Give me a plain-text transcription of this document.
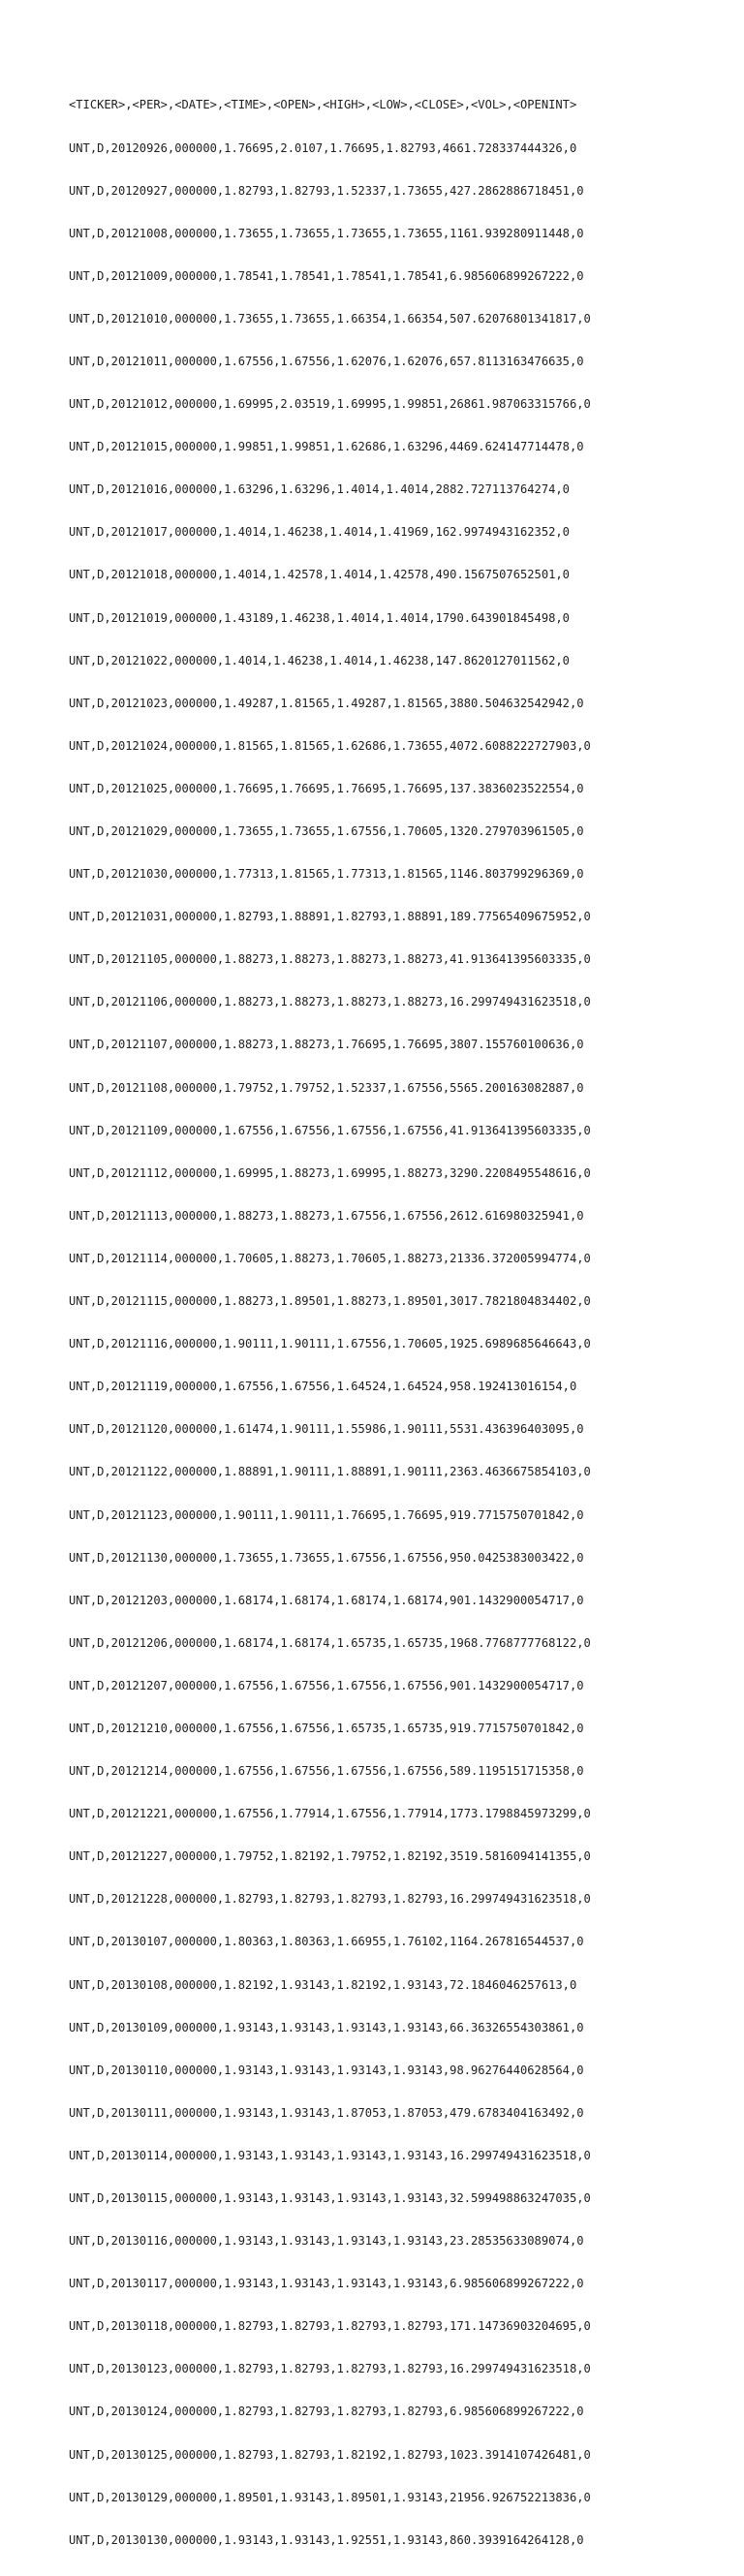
<TICKER>,<PER>,<DATE>,<TIME>,<OPEN>,<HIGH>,<LOW>,<CLOSE>,<VOL>,<OPENINT>

UNT,D,20120926,000000,1.76695,2.0107,1.76695,1.82793,4661.728337444326,0

UNT,D,20120927,000000,1.82793,1.82793,1.52337,1.73655,427.2862886718451,0

UNT,D,20121008,000000,1.73655,1.73655,1.73655,1.73655,1161.939280911448,0

UNT,D,20121009,000000,1.78541,1.78541,1.78541,1.78541,6.985606899267222,0

UNT,D,20121010,000000,1.73655,1.73655,1.66354,1.66354,507.62076801341817,0

UNT,D,20121011,000000,1.67556,1.67556,1.62076,1.62076,657.8113163476635,0

UNT,D,20121012,000000,1.69995,2.03519,1.69995,1.99851,26861.987063315766,0

UNT,D,20121015,000000,1.99851,1.99851,1.62686,1.63296,4469.624147714478,0

UNT,D,20121016,000000,1.63296,1.63296,1.4014,1.4014,2882.727113764274,0

UNT,D,20121017,000000,1.4014,1.46238,1.4014,1.41969,162.9974943162352,0

UNT,D,20121018,000000,1.4014,1.42578,1.4014,1.42578,490.1567507652501,0

UNT,D,20121019,000000,1.43189,1.46238,1.4014,1.4014,1790.643901845498,0

UNT,D,20121022,000000,1.4014,1.46238,1.4014,1.46238,147.8620127011562,0

UNT,D,20121023,000000,1.49287,1.81565,1.49287,1.81565,3880.504632542942,0

UNT,D,20121024,000000,1.81565,1.81565,1.62686,1.73655,4072.6088222727903,0

UNT,D,20121025,000000,1.76695,1.76695,1.76695,1.76695,137.3836023522554,0

UNT,D,20121029,000000,1.73655,1.73655,1.67556,1.70605,1320.279703961505,0

UNT,D,20121030,000000,1.77313,1.81565,1.77313,1.81565,1146.803799296369,0

UNT,D,20121031,000000,1.82793,1.88891,1.82793,1.88891,189.77565409675952,0

UNT,D,20121105,000000,1.88273,1.88273,1.88273,1.88273,41.913641395603335,0

UNT,D,20121106,000000,1.88273,1.88273,1.88273,1.88273,16.299749431623518,0

UNT,D,20121107,000000,1.88273,1.88273,1.76695,1.76695,3807.155760100636,0

UNT,D,20121108,000000,1.79752,1.79752,1.52337,1.67556,5565.200163082887,0

UNT,D,20121109,000000,1.67556,1.67556,1.67556,1.67556,41.913641395603335,0

UNT,D,20121112,000000,1.69995,1.88273,1.69995,1.88273,3290.2208495548616,0

UNT,D,20121113,000000,1.88273,1.88273,1.67556,1.67556,2612.616980325941,0

UNT,D,20121114,000000,1.70605,1.88273,1.70605,1.88273,21336.372005994774,0

UNT,D,20121115,000000,1.88273,1.89501,1.88273,1.89501,3017.7821804834402,0

UNT,D,20121116,000000,1.90111,1.90111,1.67556,1.70605,1925.6989685646643,0

UNT,D,20121119,000000,1.67556,1.67556,1.64524,1.64524,958.192413016154,0

UNT,D,20121120,000000,1.61474,1.90111,1.55986,1.90111,5531.436396403095,0

UNT,D,20121122,000000,1.88891,1.90111,1.88891,1.90111,2363.4636675854103,0

UNT,D,20121123,000000,1.90111,1.90111,1.76695,1.76695,919.7715750701842,0

UNT,D,20121130,000000,1.73655,1.73655,1.67556,1.67556,950.0425383003422,0

UNT,D,20121203,000000,1.68174,1.68174,1.68174,1.68174,901.1432900054717,0

UNT,D,20121206,000000,1.68174,1.68174,1.65735,1.65735,1968.7768777768122,0

UNT,D,20121207,000000,1.67556,1.67556,1.67556,1.67556,901.1432900054717,0

UNT,D,20121210,000000,1.67556,1.67556,1.65735,1.65735,919.7715750701842,0

UNT,D,20121214,000000,1.67556,1.67556,1.67556,1.67556,589.1195151715358,0

UNT,D,20121221,000000,1.67556,1.77914,1.67556,1.77914,1773.1798845973299,0

UNT,D,20121227,000000,1.79752,1.82192,1.79752,1.82192,3519.5816094141355,0

UNT,D,20121228,000000,1.82793,1.82793,1.82793,1.82793,16.299749431623518,0

UNT,D,20130107,000000,1.80363,1.80363,1.66955,1.76102,1164.267816544537,0

UNT,D,20130108,000000,1.82192,1.93143,1.82192,1.93143,72.1846046257613,0

UNT,D,20130109,000000,1.93143,1.93143,1.93143,1.93143,66.36326554303861,0

UNT,D,20130110,000000,1.93143,1.93143,1.93143,1.93143,98.96276440628564,0

UNT,D,20130111,000000,1.93143,1.93143,1.87053,1.87053,479.6783404163492,0

UNT,D,20130114,000000,1.93143,1.93143,1.93143,1.93143,16.299749431623518,0

UNT,D,20130115,000000,1.93143,1.93143,1.93143,1.93143,32.599498863247035,0

UNT,D,20130116,000000,1.93143,1.93143,1.93143,1.93143,23.28535633089074,0

UNT,D,20130117,000000,1.93143,1.93143,1.93143,1.93143,6.985606899267222,0

UNT,D,20130118,000000,1.82793,1.82793,1.82793,1.82793,171.14736903204695,0

UNT,D,20130123,000000,1.82793,1.82793,1.82793,1.82793,16.299749431623518,0

UNT,D,20130124,000000,1.82793,1.82793,1.82793,1.82793,6.985606899267222,0

UNT,D,20130125,000000,1.82793,1.82793,1.82192,1.82793,1023.3914107426481,0

UNT,D,20130129,000000,1.89501,1.93143,1.89501,1.93143,21956.926752213836,0

UNT,D,20130130,000000,1.93143,1.93143,1.92551,1.93143,860.3939164264128,0
